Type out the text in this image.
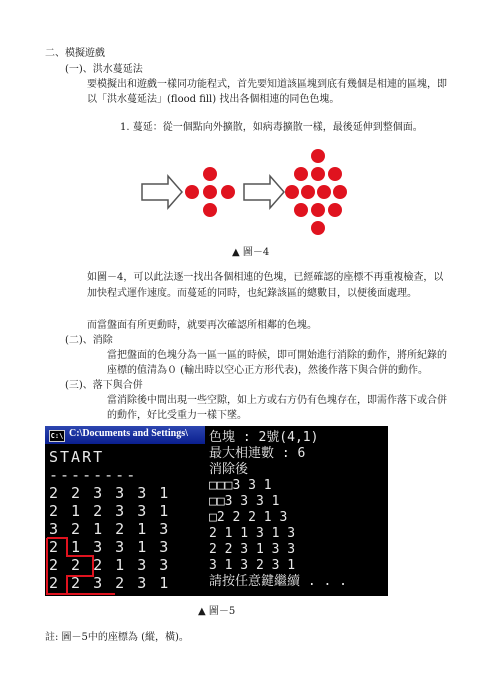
二、模擬遊戲
(一)、洪水蔓延法
要模擬出和遊戲一樣同功能程式，首先要知道該區塊到底有幾個是相連的區塊，即
以「洪水蔓延法」(flood fill) 找出各個相連的同色色塊。
1. 蔓延：從一個點向外擴散，如病毒擴散一樣，最後延伸到整個面。
▲ 圖－4
如圖－4，可以此法逐一找出各個相連的色塊，已經確認的座標不再重複檢查，以
加快程式運作速度。而蔓延的同時，也紀錄該區的總數目，以便後面處理。
而當盤面有所更動時，就要再次確認所相鄰的色塊。
(二)、消除
當把盤面的色塊分為一區一區的時候，即可開始進行消除的動作，將所紀錄的
座標的值清為０ (輸出時以空心正方形代表)，然後作落下與合併的動作。
(三)、落下與合併
當消除後中間出現一些空隙，如上方或右方仍有色塊存在，即需作落下或合併
的動作，好比受重力一樣下墜。
C:\ C:\Documents and Settings\
START
--------
2 2 3 3 3 1
2 1 2 3 3 1
3 2 1 2 1 3
2 1 3 3 1 3
2 2 2 1 3 3
2 2 3 2 3 1
色塊 : 2號(4,1)
最大相連數 : 6
消除後
□□□3 3 1
□□3 3 3 1
□2 2 2 1 3
2 1 1 3 1 3
2 2 3 1 3 3
3 1 3 2 3 1
請按任意鍵繼續 . . .
▲ 圖－5
註: 圖－5中的座標為 (縱，橫)。
